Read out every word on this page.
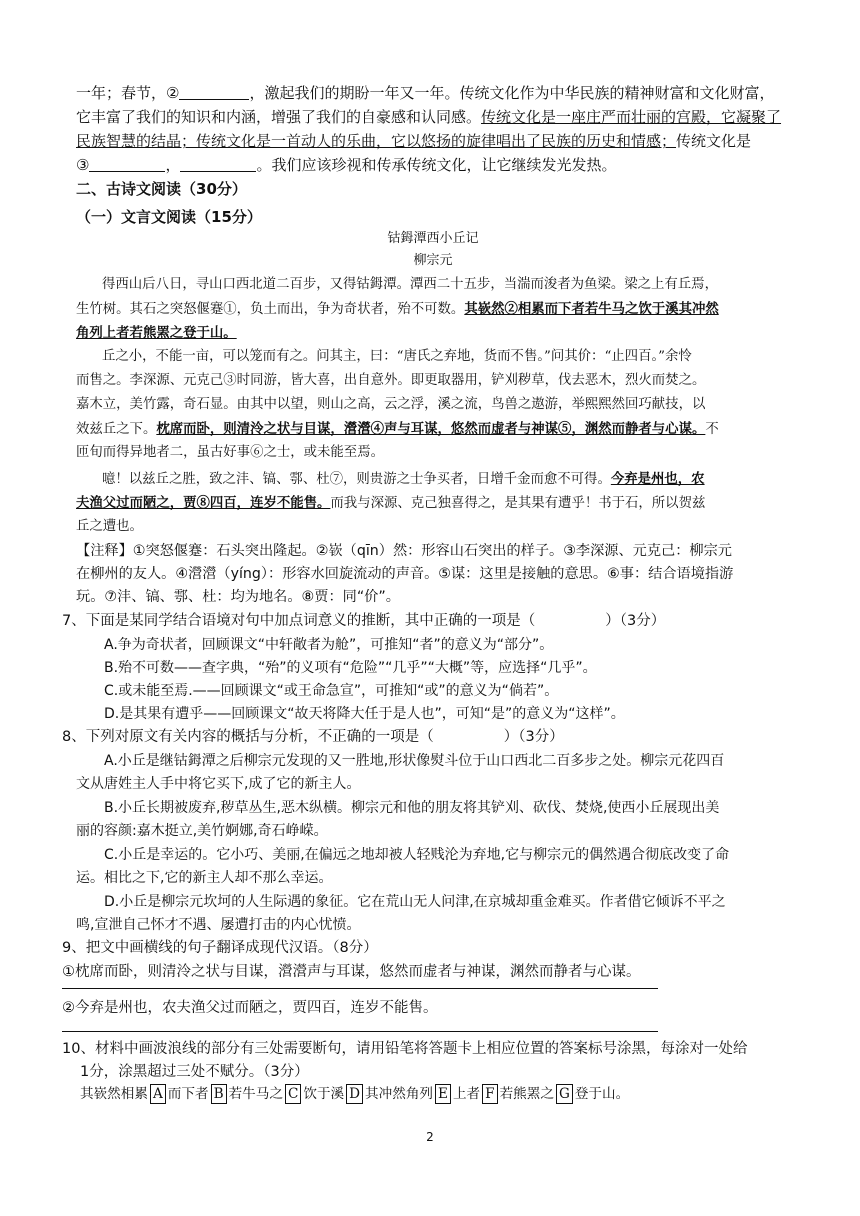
一年；春节，②	，激起我们的期盼一年又一年。传统文化作为中华民族的精神财富和文化财富，
它丰富了我们的知识和内涵，增强了我们的自豪感和认同感。传统文化是一座庄严而壮丽的宫殿，它凝聚了
民族智慧的结晶；传统文化是一首动人的乐曲，它以悠扬的旋律唱出了民族的历史和情感；传统文化是
③	，	。我们应该珍视和传承传统文化，让它继续发光发热。
二、古诗文阅读（30分）
（一）文言文阅读（15分）
钴鉧潭西小丘记
柳宗元
得西山后八日，寻山口西北道二百步，又得钴鉧潭。潭西二十五步，当湍而浚者为鱼梁。梁之上有丘焉，
生竹树。其石之突怒偃蹇①，负土而出，争为奇状者，殆不可数。其嵚然②相累而下者若牛马之饮于溪其冲然
角列上者若熊罴之登于山。
丘之小，不能一亩，可以笼而有之。问其主，曰：“唐氏之弃地，货而不售。”问其价：“止四百。”余怜
而售之。李深源、元克己③时同游，皆大喜，出自意外。即更取器用，铲刈秽草，伐去恶木，烈火而焚之。
嘉木立，美竹露，奇石显。由其中以望，则山之高，云之浮，溪之流，鸟兽之遨游，举熙熙然回巧献技，以
效兹丘之下。枕席而卧，则清泠之状与目谋，瀯瀯④声与耳谋，悠然而虚者与神谋⑤，渊然而静者与心谋。不
匝旬而得异地者二，虽古好事⑥之士，或未能至焉。
噫！以兹丘之胜，致之沣、镐、鄠、杜⑦，则贵游之士争买者，日增千金而愈不可得。今弃是州也，农
夫渔父过而陋之，贾⑧四百，连岁不能售。而我与深源、克己独喜得之，是其果有遭乎！书于石，所以贺兹
丘之遭也。
【注释】①突怒偃蹇：石头突出隆起。②嵚（qīn）然：形容山石突出的样子。③李深源、元克己：柳宗元
在柳州的友人。④瀯瀯（yíng）：形容水回旋流动的声音。⑤谋：这里是接触的意思。⑥事：结合语境指游
玩。⑦沣、镐、鄠、杜：均为地名。⑧贾：同“价”。
7、下面是某同学结合语境对句中加点词意义的推断，其中正确的一项是（	）（3分）
A.争为奇状者，回顾课文“中轩敞者为舱”，可推知“者”的意义为“部分”。
B.殆不可数——查字典，“殆”的义项有“危险”“几乎”“大概”等，应选择“几乎”。
C.或未能至焉.——回顾课文“或王命急宣”，可推知“或”的意义为“倘若”。
D.是其果有遭乎——回顾课文“故天将降大任于是人也”，可知“是”的意义为“这样”。
8、下列对原文有关内容的概括与分析，不正确的一项是（	）（3分）
A.小丘是继钴鉧潭之后柳宗元发现的又一胜地,形状像熨斗位于山口西北二百多步之处。柳宗元花四百
文从唐姓主人手中将它买下,成了它的新主人。
B.小丘长期被废弃,秽草丛生,恶木纵横。柳宗元和他的朋友将其铲刈、砍伐、焚烧,使西小丘展现出美
丽的容颜:嘉木挺立,美竹婀娜,奇石峥嵘。
C.小丘是幸运的。它小巧、美丽,在偏远之地却被人轻贱沦为弃地,它与柳宗元的偶然遇合彻底改变了命
运。相比之下,它的新主人却不那么幸运。
D.小丘是柳宗元坎坷的人生际遇的象征。它在荒山无人问津,在京城却重金难买。作者借它倾诉不平之
鸣,宣泄自己怀才不遇、屡遭打击的内心忧愤。
9、把文中画横线的句子翻译成现代汉语。（8分）
①枕席而卧，则清泠之状与目谋，瀯瀯声与耳谋，悠然而虚者与神谋，渊然而静者与心谋。
②今弃是州也，农夫渔父过而陋之，贾四百，连岁不能售。
10、材料中画波浪线的部分有三处需要断句，请用铅笔将答题卡上相应位置的答案标号涂黑，每涂对一处给
1分，涂黑超过三处不赋分。（3分）
其嵚然相累 A 而下者 B 若牛马之 C 饮于溪 D 其冲然角列 E 上者 F 若熊罴之 G 登于山。
2
